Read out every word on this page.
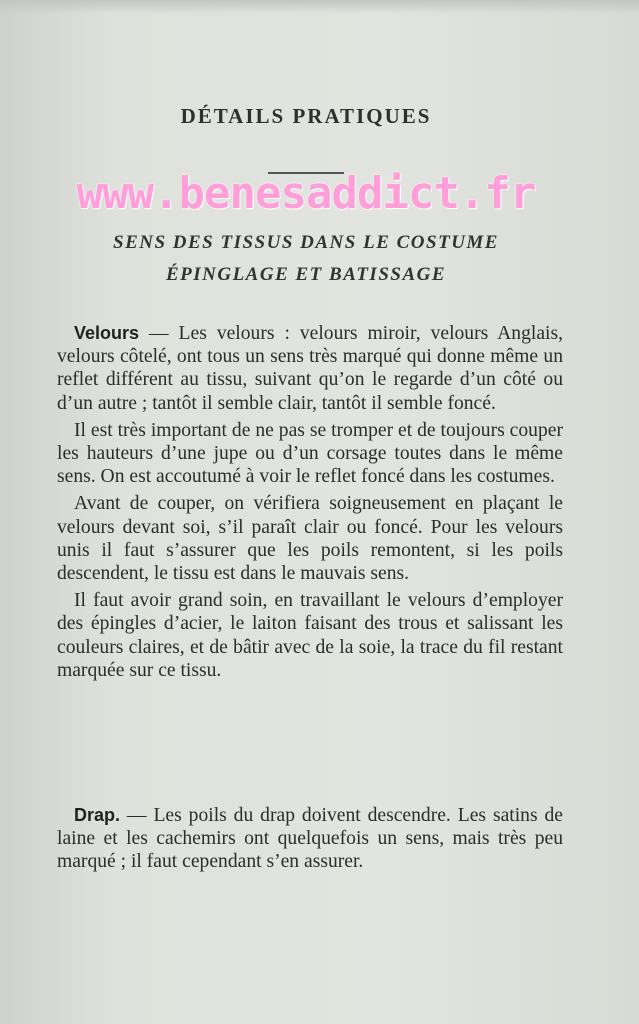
DÉTAILS PRATIQUES
www.benesaddict.fr
SENS DES TISSUS DANS LE COSTUME
ÉPINGLAGE ET BATISSAGE

Velours — Les velours : velours miroir, velours Anglais, velours côtelé, ont tous un sens très marqué qui donne même un reflet différent au tissu, suivant qu’on le regarde d’un côté ou d’un autre ; tantôt il semble clair, tantôt il semble foncé.

Il est très important de ne pas se tromper et de toujours couper les hauteurs d’une jupe ou d’un corsage toutes dans le même sens. On est accoutumé à voir le reflet foncé dans les costumes.

Avant de couper, on vérifiera soigneusement en plaçant le velours devant soi, s’il paraît clair ou foncé. Pour les velours unis il faut s’assurer que les poils remontent, si les poils descendent, le tissu est dans le mauvais sens.

Il faut avoir grand soin, en travaillant le velours d’employer des épingles d’acier, le laiton faisant des trous et salissant les couleurs claires, et de bâtir avec de la soie, la trace du fil restant marquée sur ce tissu.

Drap. — Les poils du drap doivent descendre. Les satins de laine et les cachemirs ont quelquefois un sens, mais très peu marqué ; il faut cependant s’en assurer.
